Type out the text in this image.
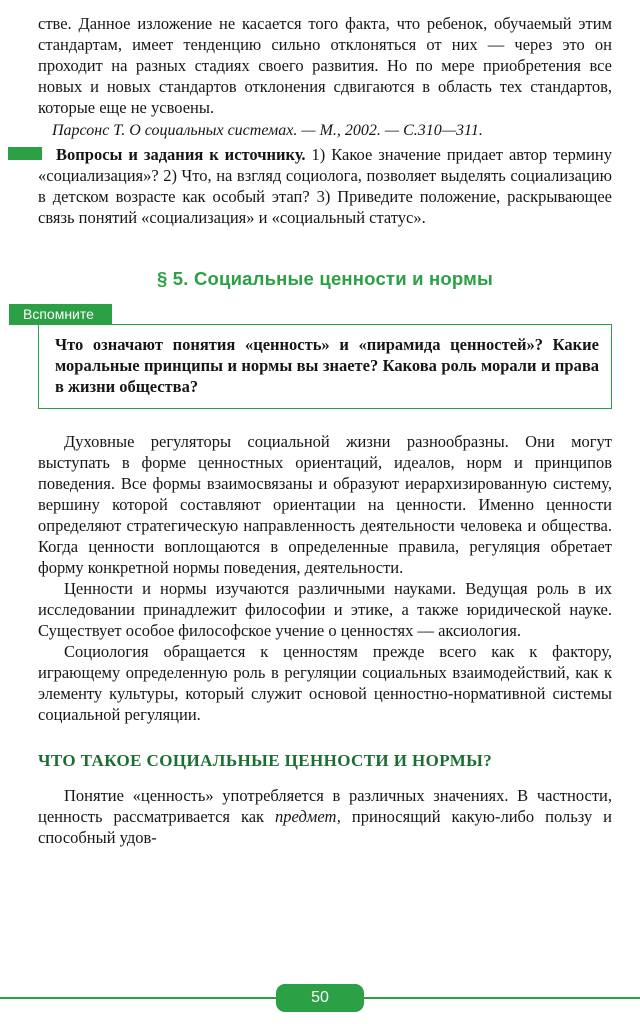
стве. Данное изложение не касается того факта, что ребенок, обучаемый этим стандартам, имеет тенденцию сильно отклоняться от них — через это он проходит на разных стадиях своего развития. Но по мере приобретения все новых и новых стандартов отклонения сдвигаются в область тех стандартов, которые еще не усвоены.

Парсонс Т. О социальных системах. — М., 2002. — С.310—311.

Вопросы и задания к источнику. 1) Какое значение придает автор термину «социализация»? 2) Что, на взгляд социолога, позволяет выделять социализацию в детском возрасте как особый этап? 3) Приведите положение, раскрывающее связь понятий «социализация» и «социальный статус».

§ 5. Социальные ценности и нормы
Вспомните

Что означают понятия «ценность» и «пирамида ценностей»? Какие моральные принципы и нормы вы знаете? Какова роль морали и права в жизни общества?

Духовные регуляторы социальной жизни разнообразны. Они могут выступать в форме ценностных ориентаций, идеалов, норм и принципов поведения. Все формы взаимосвязаны и образуют иерархизированную систему, вершину которой составляют ориентации на ценности. Именно ценности определяют стратегическую направленность деятельности человека и общества. Когда ценности воплощаются в определенные правила, регуляция обретает форму конкретной нормы поведения, деятельности.

Ценности и нормы изучаются различными науками. Ведущая роль в их исследовании принадлежит философии и этике, а также юридической науке. Существует особое философское учение о ценностях — аксиология.

Социология обращается к ценностям прежде всего как к фактору, играющему определенную роль в регуляции социальных взаимодействий, как к элементу культуры, который служит основой ценностно-нормативной системы социальной регуляции.

ЧТО ТАКОЕ СОЦИАЛЬНЫЕ ЦЕННОСТИ И НОРМЫ?

Понятие «ценность» употребляется в различных значениях. В частности, ценность рассматривается как предмет, приносящий какую-либо пользу и способный удов-

50
